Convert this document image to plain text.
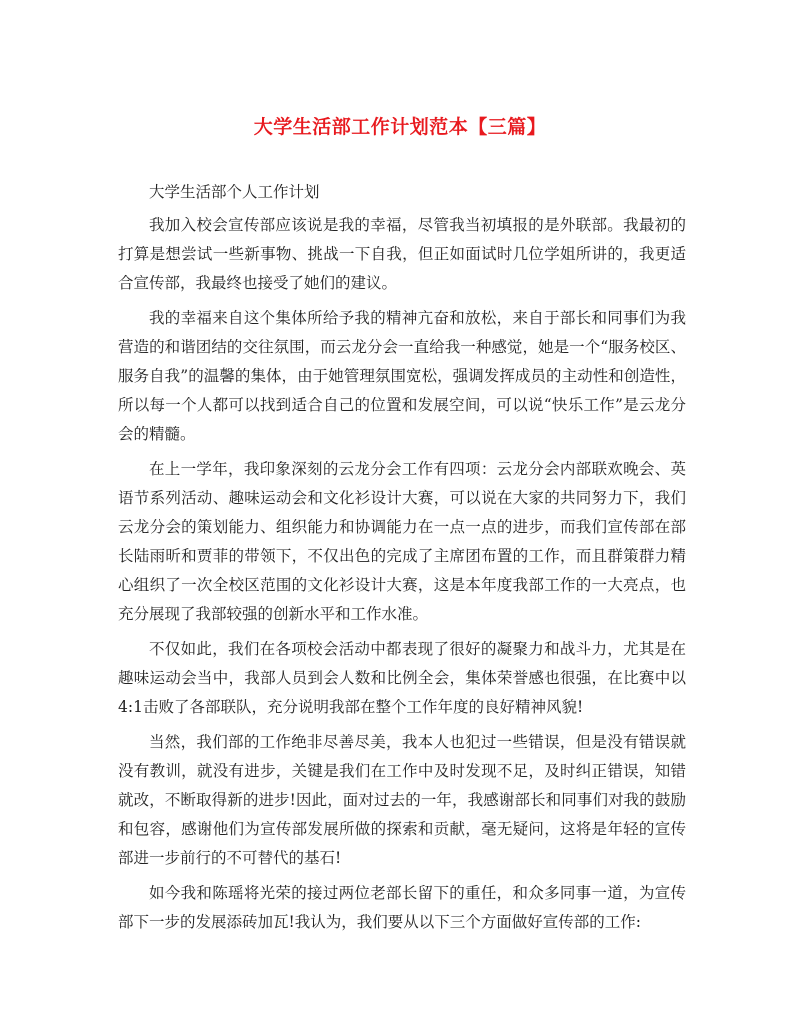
大学生活部工作计划范本【三篇】

大学生活部个人工作计划

我加入校会宣传部应该说是我的幸福，尽管我当初填报的是外联部。我最初的打算是想尝试一些新事物、挑战一下自我，但正如面试时几位学姐所讲的，我更适合宣传部，我最终也接受了她们的建议。

我的幸福来自这个集体所给予我的精神亢奋和放松，来自于部长和同事们为我营造的和谐团结的交往氛围，而云龙分会一直给我一种感觉，她是一个“服务校区、服务自我”的温馨的集体，由于她管理氛围宽松，强调发挥成员的主动性和创造性，所以每一个人都可以找到适合自己的位置和发展空间，可以说“快乐工作”是云龙分会的精髓。

在上一学年，我印象深刻的云龙分会工作有四项：云龙分会内部联欢晚会、英语节系列活动、趣味运动会和文化衫设计大赛，可以说在大家的共同努力下，我们云龙分会的策划能力、组织能力和协调能力在一点一点的进步，而我们宣传部在部长陆雨昕和贾菲的带领下，不仅出色的完成了主席团布置的工作，而且群策群力精心组织了一次全校区范围的文化衫设计大赛，这是本年度我部工作的一大亮点，也充分展现了我部较强的创新水平和工作水准。

不仅如此，我们在各项校会活动中都表现了很好的凝聚力和战斗力，尤其是在趣味运动会当中，我部人员到会人数和比例全会，集体荣誉感也很强，在比赛中以4:1击败了各部联队，充分说明我部在整个工作年度的良好精神风貌!

当然，我们部的工作绝非尽善尽美，我本人也犯过一些错误，但是没有错误就没有教训，就没有进步，关键是我们在工作中及时发现不足，及时纠正错误，知错就改，不断取得新的进步!因此，面对过去的一年，我感谢部长和同事们对我的鼓励和包容，感谢他们为宣传部发展所做的探索和贡献，毫无疑问，这将是年轻的宣传部进一步前行的不可替代的基石!

如今我和陈瑶将光荣的接过两位老部长留下的重任，和众多同事一道，为宣传部下一步的发展添砖加瓦!我认为，我们要从以下三个方面做好宣传部的工作:
